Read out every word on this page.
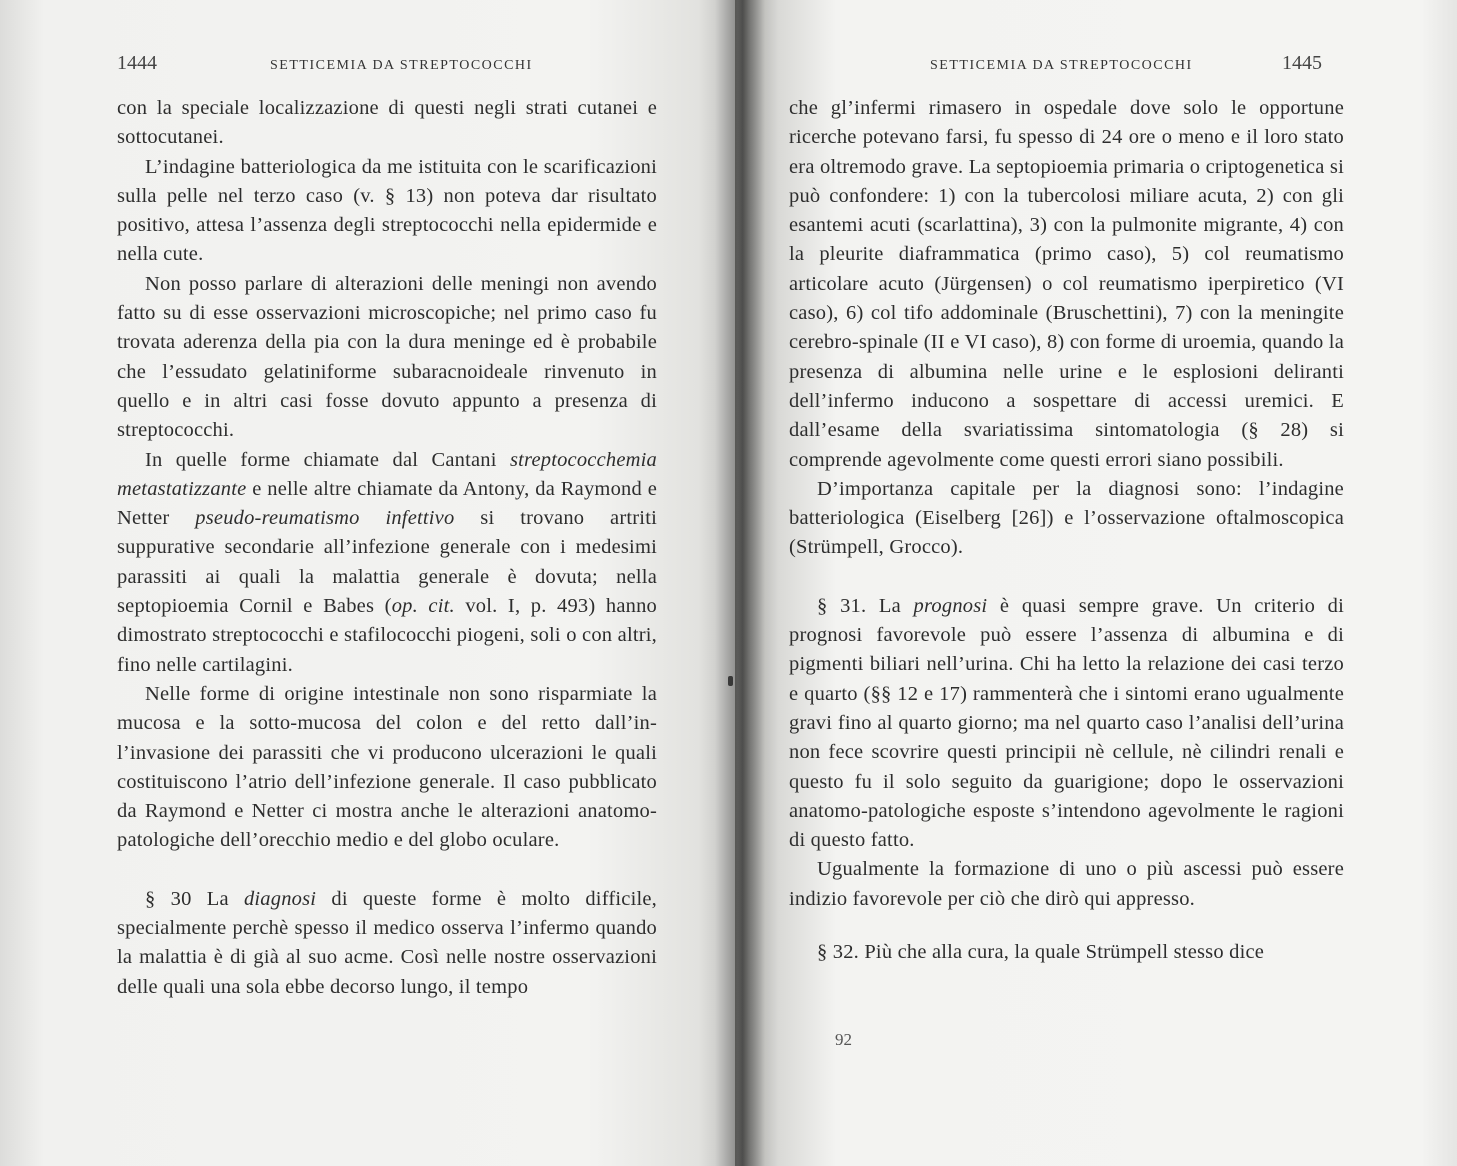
1444	SETTICEMIA DA STREPTOCOCCHI

con la speciale localizzazione di questi negli strati cutanei e sottocutanei.

L’indagine batteriologica da me istituita con le scarificazioni sulla pelle nel terzo caso (v. § 13) non poteva dar risultato positivo, attesa l’assenza degli streptococchi nella epidermide e nella cute.

Non posso parlare di alterazioni delle meningi non avendo fatto su di esse osservazioni microscopiche; nel primo caso fu trovata aderenza della pia con la dura meninge ed è probabile che l’essudato gelatiniforme subaracnoideale rinvenuto in quello e in altri casi fosse dovuto appunto a presenza di streptococchi.

In quelle forme chiamate dal Cantani streptococchemia metastatizzante e nelle altre chiamate da Antony, da Raymond e Netter pseudo-reumatismo infettivo si trovano artriti suppurative secondarie all’infezione generale con i medesimi parassiti ai quali la malattia generale è dovuta; nella septopioemia Cornil e Babes (op. cit. vol. I, p. 493) hanno dimostrato streptococchi e stafilococchi piogeni, soli o con altri, fino nelle cartilagini.

Nelle forme di origine intestinale non sono risparmiate la mucosa e la sotto-mucosa del colon e del retto dall’in-l’invasione dei parassiti che vi producono ulcerazioni le quali costituiscono l’atrio dell’infezione generale. Il caso pubblicato da Raymond e Netter ci mostra anche le alterazioni anatomo-patologiche dell’orecchio medio e del globo oculare.

§ 30 La diagnosi di queste forme è molto difficile, specialmente perchè spesso il medico osserva l’infermo quando la malattia è di già al suo acme. Così nelle nostre osservazioni delle quali una sola ebbe decorso lungo, il tempo

SETTICEMIA DA STREPTOCOCCHI	1445

che gl’infermi rimasero in ospedale dove solo le opportune ricerche potevano farsi, fu spesso di 24 ore o meno e il loro stato era oltremodo grave. La septopioemia primaria o criptogenetica si può confondere: 1) con la tubercolosi miliare acuta, 2) con gli esantemi acuti (scarlattina), 3) con la pulmonite migrante, 4) con la pleurite diaframmatica (primo caso), 5) col reumatismo articolare acuto (Jürgensen) o col reumatismo iperpiretico (VI caso), 6) col tifo addominale (Bruschettini), 7) con la meningite cerebro-spinale (II e VI caso), 8) con forme di uroemia, quando la presenza di albumina nelle urine e le esplosioni deliranti dell’infermo inducono a sospettare di accessi uremici. E dall’esame della svariatissima sintomatologia (§ 28) si comprende agevolmente come questi errori siano possibili.

D’importanza capitale per la diagnosi sono: l’indagine batteriologica (Eiselberg [26]) e l’osservazione oftalmoscopica (Strümpell, Grocco).

§ 31. La prognosi è quasi sempre grave. Un criterio di prognosi favorevole può essere l’assenza di albumina e di pigmenti biliari nell’urina. Chi ha letto la relazione dei casi terzo e quarto (§§ 12 e 17) rammenterà che i sintomi erano ugualmente gravi fino al quarto giorno; ma nel quarto caso l’analisi dell’urina non fece scovrire questi principii nè cellule, nè cilindri renali e questo fu il solo seguito da guarigione; dopo le osservazioni anatomo-patologiche esposte s’intendono agevolmente le ragioni di questo fatto.

Ugualmente la formazione di uno o più ascessi può essere indizio favorevole per ciò che dirò qui appresso.

§ 32. Più che alla cura, la quale Strümpell stesso dice

92
